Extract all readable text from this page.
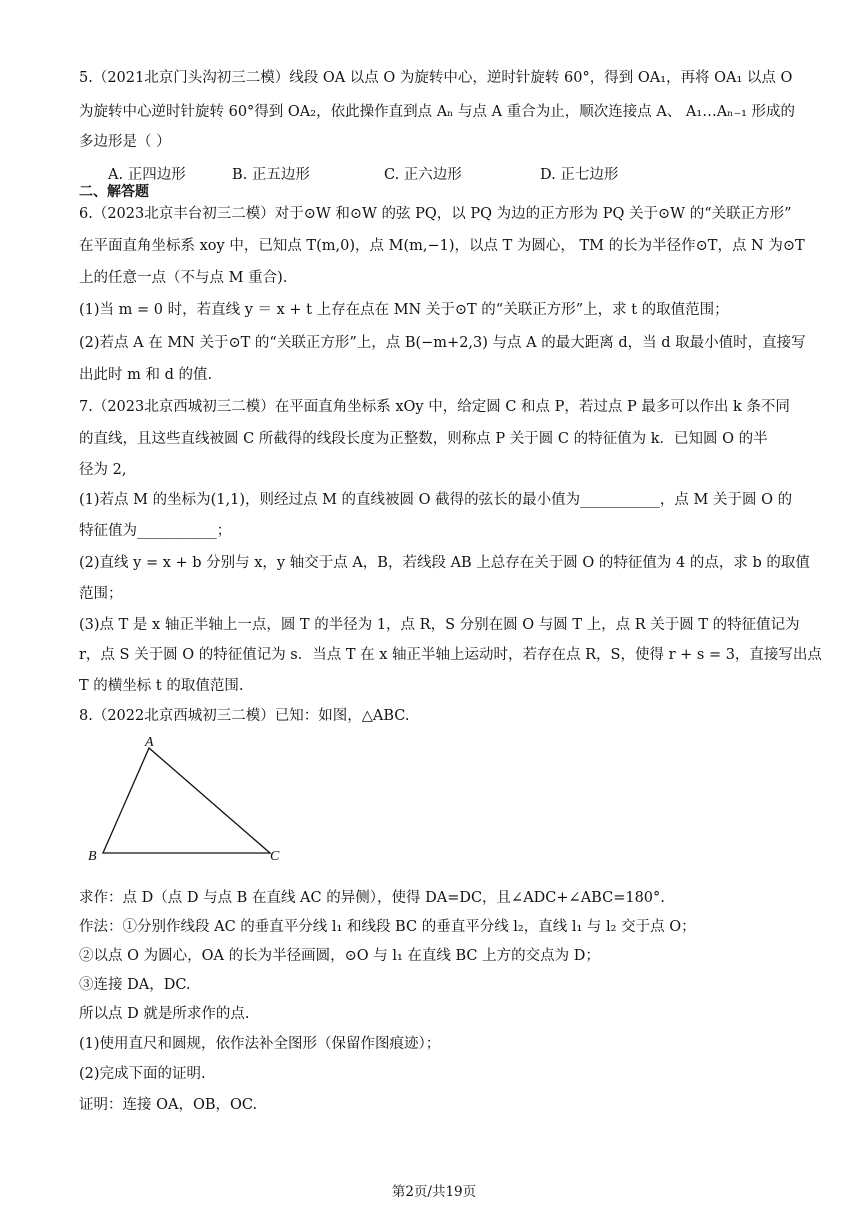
5.（2021北京门头沟初三二模）线段 OA 以点 O 为旋转中心，逆时针旋转 60°，得到 OA₁，再将 OA₁ 以点 O
为旋转中心逆时针旋转 60°得到 OA₂，依此操作直到点 Aₙ 与点 A 重合为止，顺次连接点 A、 A₁…Aₙ₋₁ 形成的
多边形是（ ）
A. 正四边形	B. 正五边形	C. 正六边形	D. 正七边形
二、解答题
6.（2023北京丰台初三二模）对于⊙W 和⊙W 的弦 PQ，以 PQ 为边的正方形为 PQ 关于⊙W 的“关联正方形”
在平面直角坐标系 xoy 中，已知点 T(m,0)，点 M(m,−1)，以点 T 为圆心， TM 的长为半径作⊙T，点 N 为⊙T
上的任意一点（不与点 M 重合).
(1)当 m = 0 时，若直线 y ＝ x + t 上存在点在 MN 关于⊙T 的“关联正方形”上，求 t 的取值范围；
(2)若点 A 在 MN 关于⊙T 的“关联正方形”上，点 B(−m+2,3) 与点 A 的最大距离 d，当 d 取最小值时，直接写
出此时 m 和 d 的值.
7.（2023北京西城初三二模）在平面直角坐标系 xOy 中，给定圆 C 和点 P，若过点 P 最多可以作出 k 条不同
的直线，且这些直线被圆 C 所截得的线段长度为正整数，则称点 P 关于圆 C 的特征值为 k．已知圆 O 的半
径为 2,
(1)若点 M 的坐标为(1,1)，则经过点 M 的直线被圆 O 截得的弦长的最小值为___________，点 M 关于圆 O 的
特征值为___________；
(2)直线 y = x + b 分别与 x，y 轴交于点 A，B，若线段 AB 上总存在关于圆 O 的特征值为 4 的点，求 b 的取值
范围；
(3)点 T 是 x 轴正半轴上一点，圆 T 的半径为 1，点 R，S 分别在圆 O 与圆 T 上，点 R 关于圆 T 的特征值记为
r，点 S 关于圆 O 的特征值记为 s．当点 T 在 x 轴正半轴上运动时，若存在点 R，S，使得 r + s = 3，直接写出点
T 的横坐标 t 的取值范围.
8.（2022北京西城初三二模）已知：如图，△ABC.
A
B	C
求作：点 D（点 D 与点 B 在直线 AC 的异侧），使得 DA=DC，且∠ADC+∠ABC=180°.
作法：①分别作线段 AC 的垂直平分线 l₁ 和线段 BC 的垂直平分线 l₂，直线 l₁ 与 l₂ 交于点 O；
②以点 O 为圆心，OA 的长为半径画圆，⊙O 与 l₁ 在直线 BC 上方的交点为 D；
③连接 DA，DC.
所以点 D 就是所求作的点.
(1)使用直尺和圆规，依作法补全图形（保留作图痕迹）；
(2)完成下面的证明.
证明：连接 OA，OB，OC.
第2页/共19页
